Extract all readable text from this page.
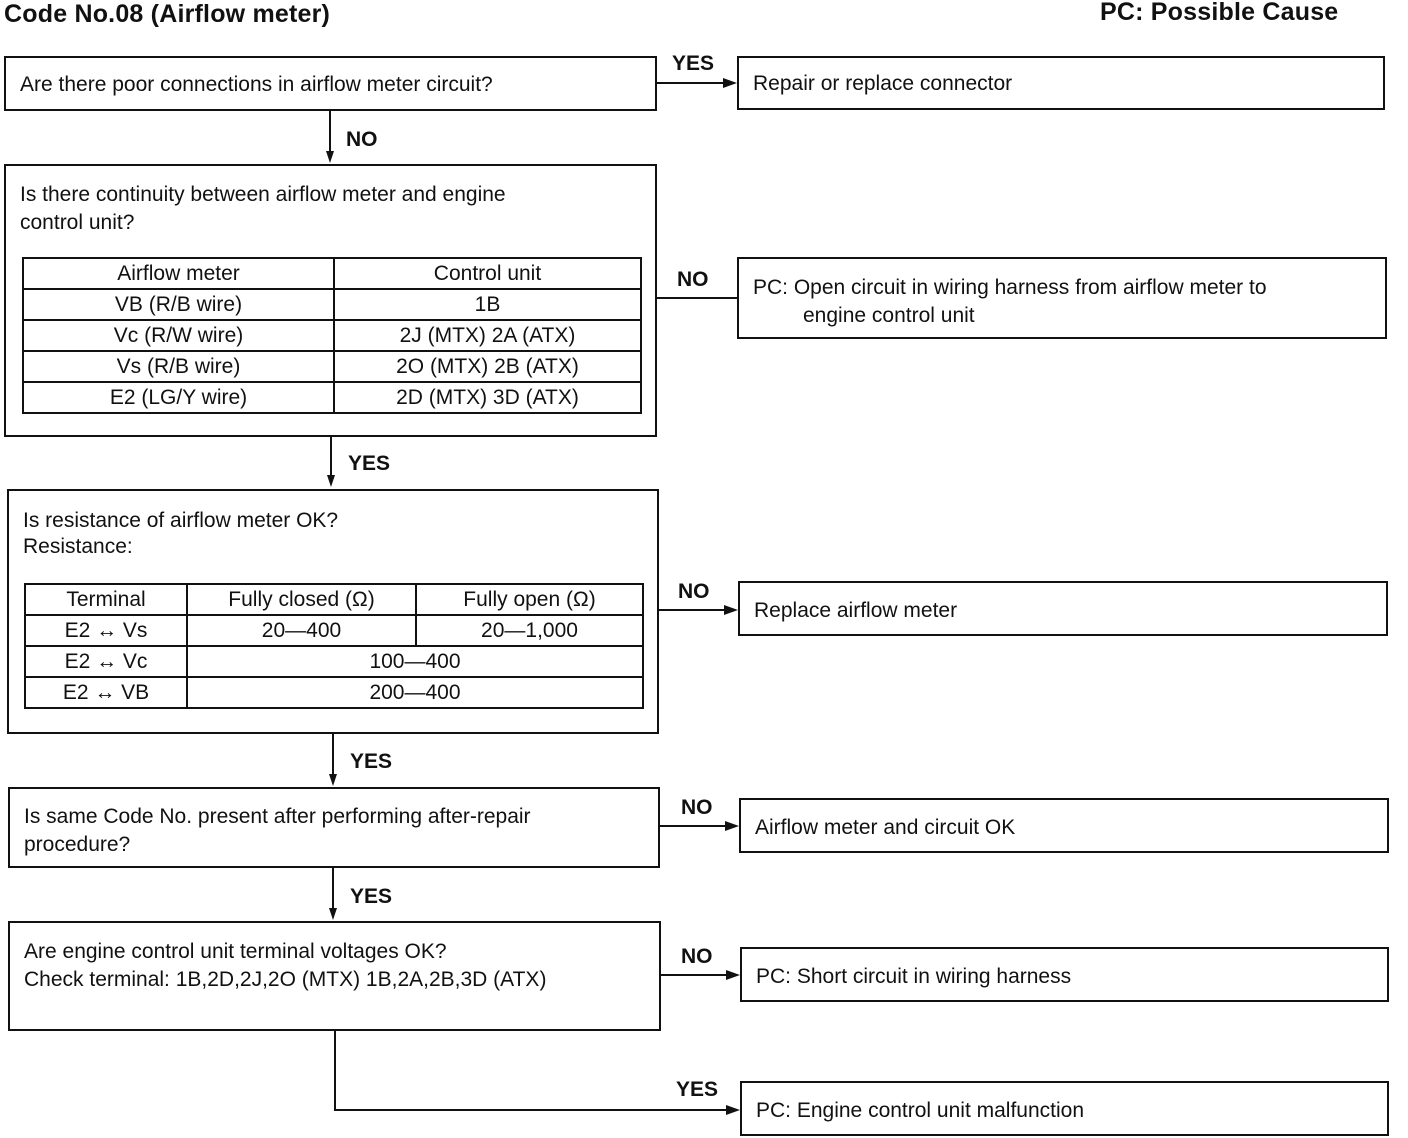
Code No.08 (Airflow meter)	PC: Possible Cause
Are there poor connections in airflow meter circuit?
YES
Repair or replace connector
NO
Is there continuity between airflow meter and engine
control unit?
Airflow meter	Control unit
VB (R/B wire)	1B
Vc (R/W wire)	2J (MTX) 2A (ATX)
Vs (R/B wire)	2O (MTX) 2B (ATX)
E2 (LG/Y wire)	2D (MTX) 3D (ATX)
NO PC: Open circuit in wiring harness from airflow meter to
engine control unit
YES
Is resistance of airflow meter OK?
Resistance:
Terminal	Fully closed (Ω)	Fully open (Ω)
E2 ↔ Vs	20—400	20—1,000
E2 ↔ Vc	100—400	
E2 ↔ VB	200—400	
NO
Replace airflow meter
YES
Is same Code No. present after performing after-repair
procedure?
NO
Airflow meter and circuit OK
YES
Are engine control unit terminal voltages OK?
Check terminal: 1B,2D,2J,2O (MTX) 1B,2A,2B,3D (ATX)
NO
PC: Short circuit in wiring harness
YES
PC: Engine control unit malfunction
